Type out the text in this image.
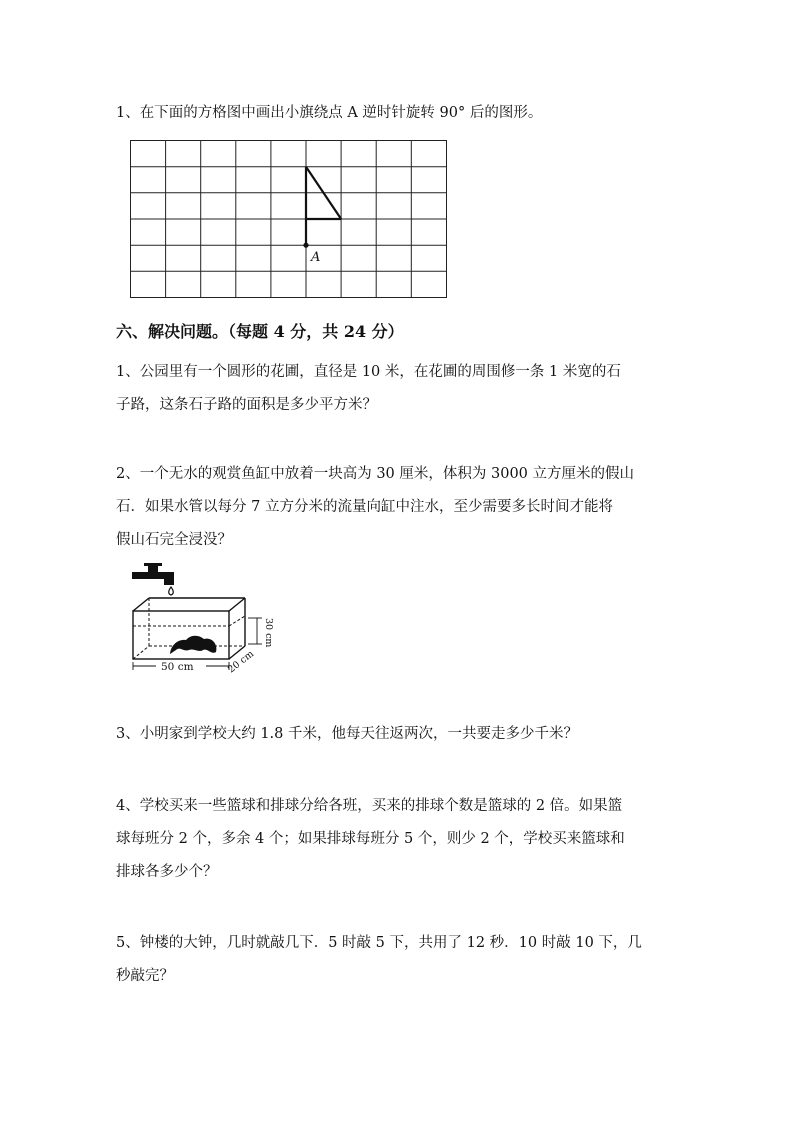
1、在下面的方格图中画出小旗绕点 A 逆时针旋转 90° 后的图形。
A
六、解决问题。（每题 4 分，共 24 分）
1、公园里有一个圆形的花圃，直径是 10 米，在花圃的周围修一条 1 米宽的石
子路，这条石子路的面积是多少平方米？
2、一个无水的观赏鱼缸中放着一块高为 30 厘米，体积为 3000 立方厘米的假山
石．如果水管以每分 7 立方分米的流量向缸中注水，至少需要多长时间才能将
假山石完全浸没？
30 cm
50 cm	20 cm
3、小明家到学校大约 1.8 千米，他每天往返两次，一共要走多少千米？
4、学校买来一些篮球和排球分给各班，买来的排球个数是篮球的 2 倍。如果篮
球每班分 2 个，多余 4 个；如果排球每班分 5 个，则少 2 个，学校买来篮球和
排球各多少个？
5、钟楼的大钟，几时就敲几下．5 时敲 5 下，共用了 12 秒．10 时敲 10 下，几
秒敲完？
